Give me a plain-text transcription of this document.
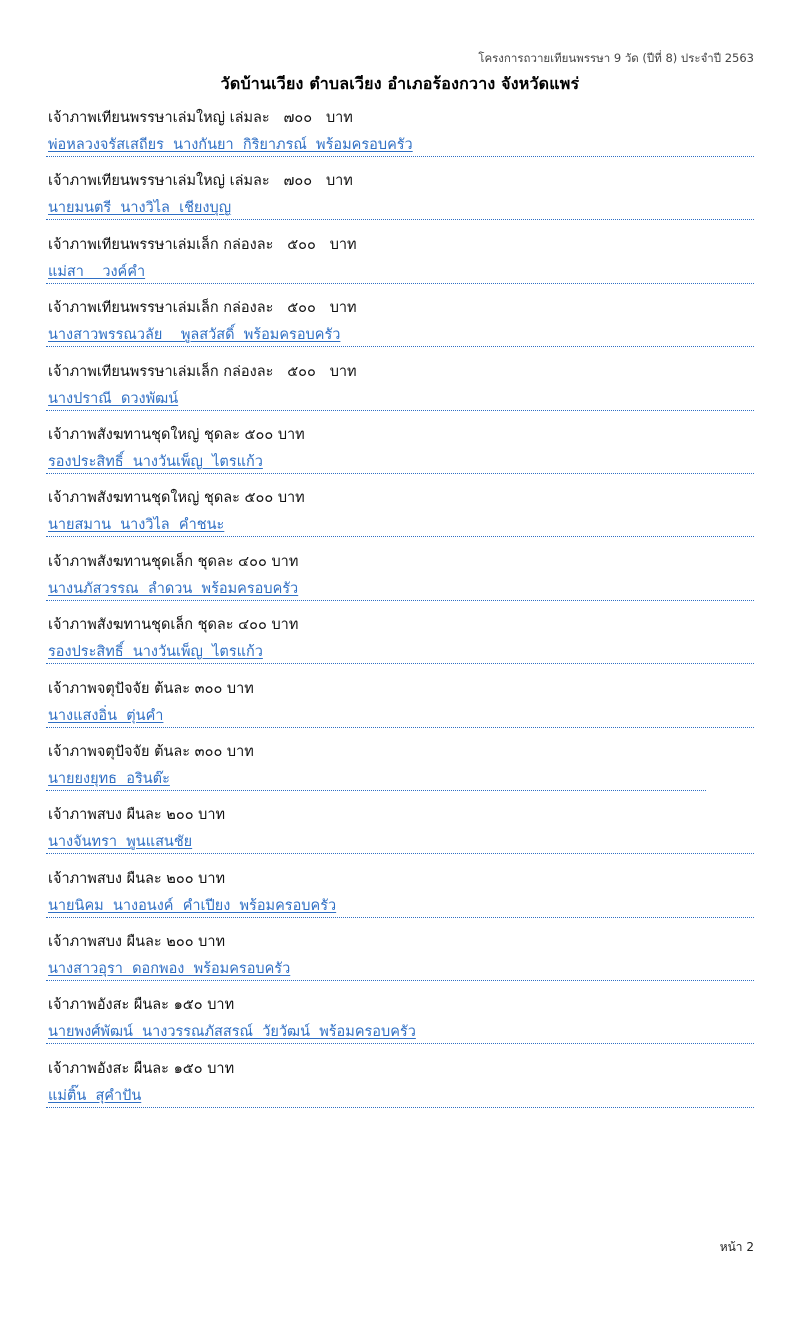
โครงการถวายเทียนพรรษา 9 วัด (ปีที่ 8) ประจำปี 2563
วัดบ้านเวียง ตำบลเวียง อำเภอร้องกวาง จังหวัดแพร่
เจ้าภาพเทียนพรรษาเล่มใหญ่ เล่มละ   ๗๐๐   บาท
พ่อหลวงจรัสเสถียร  นางกันยา  กิริยาภรณ์  พร้อมครอบครัว
เจ้าภาพเทียนพรรษาเล่มใหญ่ เล่มละ   ๗๐๐   บาท
นายมนตรี  นางวิไล  เชียงบุญ
เจ้าภาพเทียนพรรษาเล่มเล็ก กล่องละ   ๕๐๐   บาท
แม่สา    วงค์คำ
เจ้าภาพเทียนพรรษาเล่มเล็ก กล่องละ   ๕๐๐   บาท
นางสาวพรรณวลัย    พูลสวัสดิ์  พร้อมครอบครัว
เจ้าภาพเทียนพรรษาเล่มเล็ก กล่องละ   ๕๐๐   บาท
นางปราณี  ดวงพัฒน์
เจ้าภาพสังฆทานชุดใหญ่ ชุดละ ๕๐๐ บาท
รองประสิทธิ์  นางวันเพ็ญ  ไตรแก้ว
เจ้าภาพสังฆทานชุดใหญ่ ชุดละ ๕๐๐ บาท
นายสมาน  นางวิไล  คำชนะ
เจ้าภาพสังฆทานชุดเล็ก ชุดละ ๔๐๐ บาท
นางนภัสวรรณ  ลำดวน  พร้อมครอบครัว
เจ้าภาพสังฆทานชุดเล็ก ชุดละ ๔๐๐ บาท
รองประสิทธิ์  นางวันเพ็ญ  ไตรแก้ว
เจ้าภาพจตุปัจจัย ต้นละ ๓๐๐ บาท
นางแสงอิ่น  ตุ่นคำ
เจ้าภาพจตุปัจจัย ต้นละ ๓๐๐ บาท
นายยงยุทธ  อรินต๊ะ
เจ้าภาพสบง ผืนละ ๒๐๐ บาท
นางจันทรา  พูนแสนชัย
เจ้าภาพสบง ผืนละ ๒๐๐ บาท
นายนิคม  นางอนงค์  คำเปียง  พร้อมครอบครัว
เจ้าภาพสบง ผืนละ ๒๐๐ บาท
นางสาวอุรา  ดอกพอง  พร้อมครอบครัว
เจ้าภาพอังสะ ผืนละ ๑๕๐ บาท
นายพงศ์พัฒน์  นางวรรณภัสสรณ์  วัยวัฒน์  พร้อมครอบครัว
เจ้าภาพอังสะ ผืนละ ๑๕๐ บาท
แม่ติ๊น  สุคำปัน
หน้า 2
